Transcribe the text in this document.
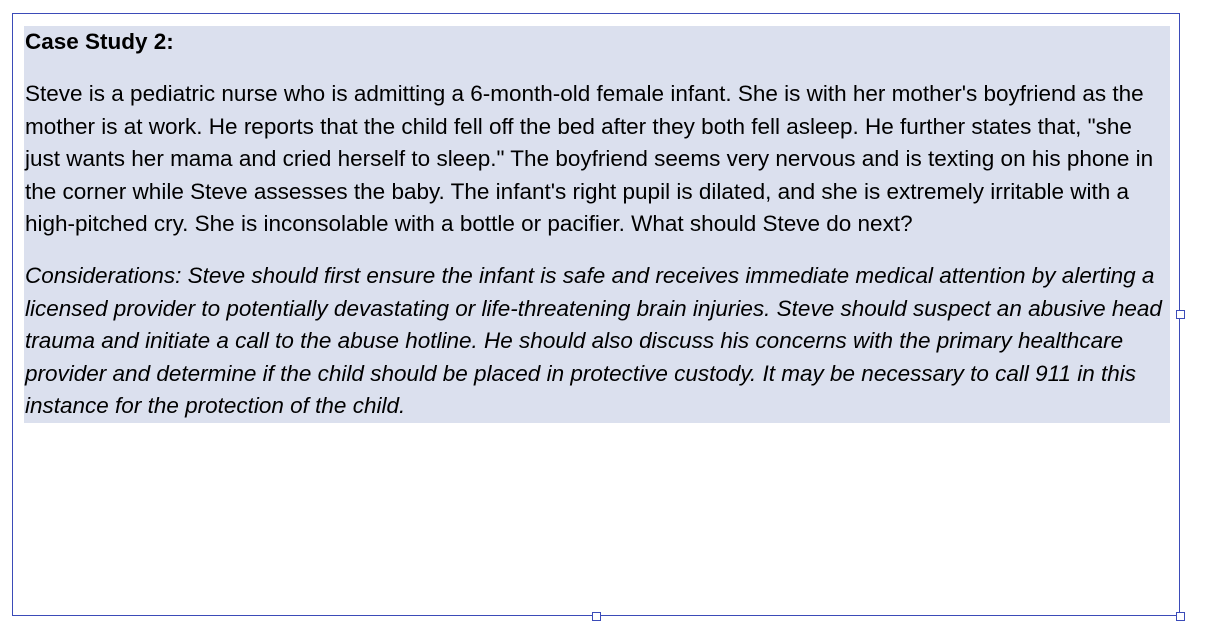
Case Study 2:

Steve is a pediatric nurse who is admitting a 6-month-old female infant. She is with her mother's boyfriend as the mother is at work. He reports that the child fell off the bed after they both fell asleep. He further states that, "she just wants her mama and cried herself to sleep." The boyfriend seems very nervous and is texting on his phone in the corner while Steve assesses the baby. The infant's right pupil is dilated, and she is extremely irritable with a high-pitched cry. She is inconsolable with a bottle or pacifier. What should Steve do next?

Considerations: Steve should first ensure the infant is safe and receives immediate medical attention by alerting a licensed provider to potentially devastating or life-threatening brain injuries. Steve should suspect an abusive head trauma and initiate a call to the abuse hotline. He should also discuss his concerns with the primary healthcare provider and determine if the child should be placed in protective custody. It may be necessary to call 911 in this instance for the protection of the child.
